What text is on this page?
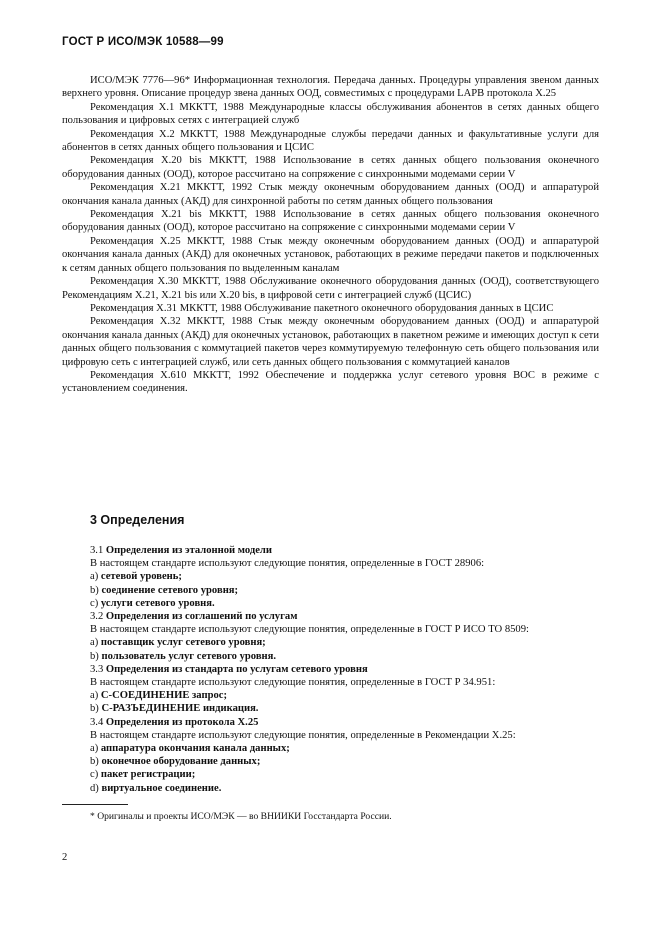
ГОСТ Р ИСО/МЭК 10588—99

ИСО/МЭК 7776—96* Информационная технология. Передача данных. Процедуры управления звеном данных верхнего уровня. Описание процедур звена данных ООД, совместимых с процедурами LAPB протокола X.25

Рекомендация X.1 МККТТ, 1988 Международные классы обслуживания абонентов в сетях данных общего пользования и цифровых сетях с интеграцией служб

Рекомендация X.2 МККТТ, 1988 Международные службы передачи данных и факультативные услуги для абонентов в сетях данных общего пользования и ЦСИС

Рекомендация X.20 bis МККТТ, 1988 Использование в сетях данных общего пользования оконечного оборудования данных (ООД), которое рассчитано на сопряжение с синхронными модемами серии V

Рекомендация X.21 МККТТ, 1992 Стык между оконечным оборудованием данных (ООД) и аппаратурой окончания канала данных (АКД) для синхронной работы по сетям данных общего пользования

Рекомендация X.21 bis МККТТ, 1988 Использование в сетях данных общего пользования оконечного оборудования данных (ООД), которое рассчитано на сопряжение с синхронными модемами серии V

Рекомендация X.25 МККТТ, 1988 Стык между оконечным оборудованием данных (ООД) и аппаратурой окончания канала данных (АКД) для оконечных установок, работающих в режиме передачи пакетов и подключенных к сетям данных общего пользования по выделенным каналам

Рекомендация X.30 МККТТ, 1988 Обслуживание оконечного оборудования данных (ООД), соответствующего Рекомендациям X.21, X.21 bis или X.20 bis, в цифровой сети с интеграцией служб (ЦСИС)

Рекомендация X.31 МККТТ, 1988 Обслуживание пакетного оконечного оборудования данных в ЦСИС

Рекомендация X.32 МККТТ, 1988 Стык между оконечным оборудованием данных (ООД) и аппаратурой окончания канала данных (АКД) для оконечных установок, работающих в пакетном режиме и имеющих доступ к сети данных общего пользования с коммутацией пакетов через коммутируемую телефонную сеть общего пользования или цифровую сеть с интеграцией служб, или сеть данных общего пользования с коммутацией каналов

Рекомендация X.610 МККТТ, 1992 Обеспечение и поддержка услуг сетевого уровня ВОС в режиме с установлением соединения.

3 Определения
3.1 Определения из эталонной модели
В настоящем стандарте используют следующие понятия, определенные в ГОСТ 28906:
a) сетевой уровень;
b) соединение сетевого уровня;
c) услуги сетевого уровня.
3.2 Определения из соглашений по услугам
В настоящем стандарте используют следующие понятия, определенные в ГОСТ Р ИСО ТО 8509:
a) поставщик услуг сетевого уровня;
b) пользователь услуг сетевого уровня.
3.3 Определения из стандарта по услугам сетевого уровня
В настоящем стандарте используют следующие понятия, определенные в ГОСТ Р 34.951:
a) С-СОЕДИНЕНИЕ запрос;
b) С-РАЗЪЕДИНЕНИЕ индикация.
3.4 Определения из протокола X.25
В настоящем стандарте используют следующие понятия, определенные в Рекомендации X.25:
a) аппаратура окончания канала данных;
b) оконечное оборудование данных;
c) пакет регистрации;
d) виртуальное соединение.
* Оригиналы и проекты ИСО/МЭК — во ВНИИКИ Госстандарта России.
2
